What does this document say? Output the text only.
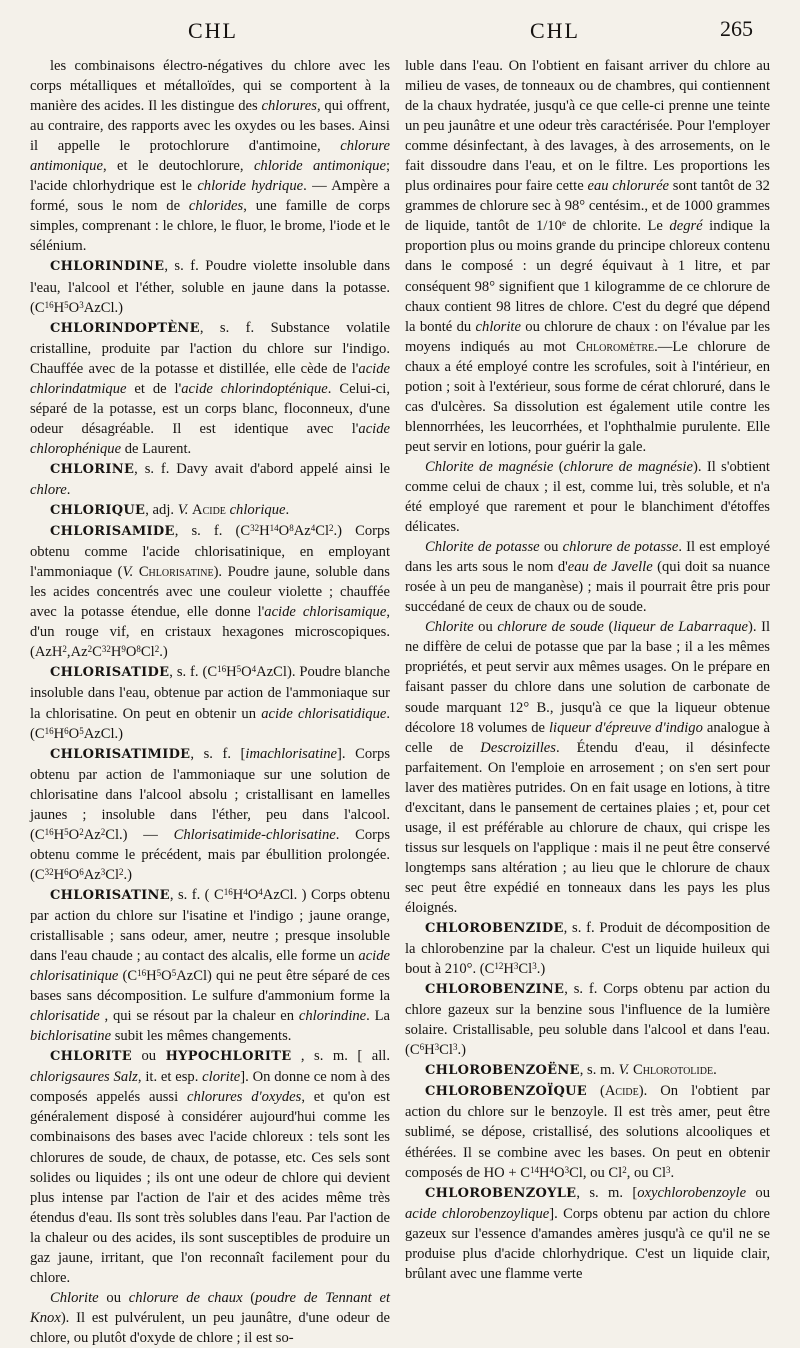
CHL	CHL	265

les combinaisons électro-négatives du chlore avec les corps métalliques et métalloïdes, qui se comportent à la manière des acides. Il les distingue des chlorures, qui offrent, au contraire, des rapports avec les oxydes ou les bases. Ainsi il appelle le protochlorure d'antimoine, chlorure antimonique, et le deutochlorure, chloride antimonique; l'acide chlorhydrique est le chloride hydrique. — Ampère a formé, sous le nom de chlorides, une famille de corps simples, comprenant : le chlore, le fluor, le brome, l'iode et le sélénium.

CHLORINDINE, s. f. Poudre violette insoluble dans l'eau, l'alcool et l'éther, soluble en jaune dans la potasse. $(C^{16}H^5O^3AzCl.)$

CHLORINDOPTÈNE, s. f. Substance volatile cristalline, produite par l'action du chlore sur l'indigo. Chauffée avec de la potasse et distillée, elle cède de l'acide chlorindatmique et de l'acide chlorindopténique. Celui-ci, séparé de la potasse, est un corps blanc, floconneux, d'une odeur désagréable. Il est identique avec l'acide chlorophénique de Laurent.

CHLORINE, s. f. Davy avait d'abord appelé ainsi le chlore.

CHLORIQUE, adj. V. Acide chlorique.

CHLORISAMIDE, s. f. $(C^{32}H^{14}O^8Az^4Cl^2.)$ Corps obtenu comme l'acide chlorisatinique, en employant l'ammoniaque (V. Chlorisatine). Poudre jaune, soluble dans les acides concentrés avec une couleur violette ; chauffée avec la potasse étendue, elle donne l'acide chlorisamique, d'un rouge vif, en cristaux hexagones microscopiques. $(AzH^2,Az^2C^{32}H^9O^8Cl^2.)$

CHLORISATIDE, s. f. $(C^{16}H^5O^4AzCl)$. Poudre blanche insoluble dans l'eau, obtenue par action de l'ammoniaque sur la chlorisatine. On peut en obtenir un acide chlorisatidique. $(C^{16}H^6O^5AzCl.)$

CHLORISATIMIDE, s. f. [imachlorisatine]. Corps obtenu par action de l'ammoniaque sur une solution de chlorisatine dans l'alcool absolu ; cristallisant en lamelles jaunes ; insoluble dans l'éther, peu dans l'alcool. $(C^{16}H^5O^2Az^2Cl.)$ — Chlorisatimide-chlorisatine. Corps obtenu comme le précédent, mais par ébullition prolongée. $(C^{32}H^6O^6Az^3Cl^2.)$

CHLORISATINE, s. f. ( $C^{16}H^4O^4AzCl$. ) Corps obtenu par action du chlore sur l'isatine et l'indigo ; jaune orange, cristallisable ; sans odeur, amer, neutre ; presque insoluble dans l'eau chaude ; au contact des alcalis, elle forme un acide chlorisatinique $(C^{16}H^5O^5AzCl)$ qui ne peut être séparé de ces bases sans décomposition. Le sulfure d'ammonium forme la chlorisatide , qui se résout par la chaleur en chlorindine. La bichlorisatine subit les mêmes changements.

CHLORITE ou HYPOCHLORITE , s. m. [ all. chlorigsaures Salz, it. et esp. clorite]. On donne ce nom à des composés appelés aussi chlorures d'oxydes, et qu'on est généralement disposé à considérer aujourd'hui comme les combinaisons des bases avec l'acide chloreux : tels sont les chlorures de soude, de chaux, de potasse, etc. Ces sels sont solides ou liquides ; ils ont une odeur de chlore qui devient plus intense par l'action de l'air et des acides même très étendus d'eau. Ils sont très solubles dans l'eau. Par l'action de la chaleur ou des acides, ils sont susceptibles de produire un gaz jaune, irritant, que l'on reconnaît facilement pour du chlore.

Chlorite ou chlorure de chaux (poudre de Tennant et Knox). Il est pulvérulent, un peu jaunâtre, d'une odeur de chlore, ou plutôt d'oxyde de chlore ; il est so-

luble dans l'eau. On l'obtient en faisant arriver du chlore au milieu de vases, de tonneaux ou de chambres, qui contiennent de la chaux hydratée, jusqu'à ce que celle-ci prenne une teinte un peu jaunâtre et une odeur très caractérisée. Pour l'employer comme désinfectant, à des lavages, à des arrosements, on le fait dissoudre dans l'eau, et on le filtre. Les proportions les plus ordinaires pour faire cette eau chlorurée sont tantôt de 32 grammes de chlorure sec à 98° centésim., et de 1000 grammes de liquide, tantôt de 1/10e de chlorite. Le degré indique la proportion plus ou moins grande du principe chloreux contenu dans le composé : un degré équivaut à 1 litre, et par conséquent 98° signifient que 1 kilogramme de ce chlorure de chaux contient 98 litres de chlore. C'est du degré que dépend la bonté du chlorite ou chlorure de chaux : on l'évalue par les moyens indiqués au mot Chloromètre.—Le chlorure de chaux a été employé contre les scrofules, soit à l'intérieur, en potion ; soit à l'extérieur, sous forme de cérat chloruré, dans le cas d'ulcères. Sa dissolution est également utile contre les blennorrhées, les leucorrhées, et l'ophthalmie purulente. Elle peut servir en lotions, pour guérir la gale.

Chlorite de magnésie (chlorure de magnésie). Il s'obtient comme celui de chaux ; il est, comme lui, très soluble, et n'a été employé que rarement et pour le blanchiment d'étoffes délicates.

Chlorite de potasse ou chlorure de potasse. Il est employé dans les arts sous le nom d'eau de Javelle (qui doit sa nuance rosée à un peu de manganèse) ; mais il pourrait être pris pour succédané de ceux de chaux ou de soude.

Chlorite ou chlorure de soude (liqueur de Labarraque). Il ne diffère de celui de potasse que par la base ; il a les mêmes propriétés, et peut servir aux mêmes usages. On le prépare en faisant passer du chlore dans une solution de carbonate de soude marquant 12° B., jusqu'à ce que la liqueur obtenue décolore 18 volumes de liqueur d'épreuve d'indigo analogue à celle de Descroizilles. Étendu d'eau, il désinfecte parfaitement. On l'emploie en arrosement ; on s'en sert pour laver des matières putrides. On en fait usage en lotions, à titre d'excitant, dans le pansement de certaines plaies ; et, pour cet usage, il est préférable au chlorure de chaux, qui crispe les tissus sur lesquels on l'applique : mais il ne peut être conservé longtemps sans altération ; au lieu que le chlorure de chaux sec peut être expédié en tonneaux dans les pays les plus éloignés.

CHLOROBENZIDE, s. f. Produit de décomposition de la chlorobenzine par la chaleur. C'est un liquide huileux qui bout à 210°. $(C^{12}H^3Cl^3.)$

CHLOROBENZINE, s. f. Corps obtenu par action du chlore gazeux sur la benzine sous l'influence de la lumière solaire. Cristallisable, peu soluble dans l'alcool et dans l'eau. $(C^6H^3Cl^3.)$

CHLOROBENZOËNE, s. m. V. Chlorotolide.

CHLOROBENZOÏQUE (Acide). On l'obtient par action du chlore sur le benzoyle. Il est très amer, peut être sublimé, se dépose, cristallisé, des solutions alcooliques et éthérées. Il se combine avec les bases. On peut en obtenir composés de HO + $C^{14}H^4O^3Cl$, ou Cl$^2$, ou Cl$^3$.

CHLOROBENZOYLE, s. m. [oxychlorobenzoyle ou acide chlorobenzoylique]. Corps obtenu par action du chlore gazeux sur l'essence d'amandes amères jusqu'à ce qu'il ne se produise plus d'acide chlorhydrique. C'est un liquide clair, brûlant avec une flamme verte
